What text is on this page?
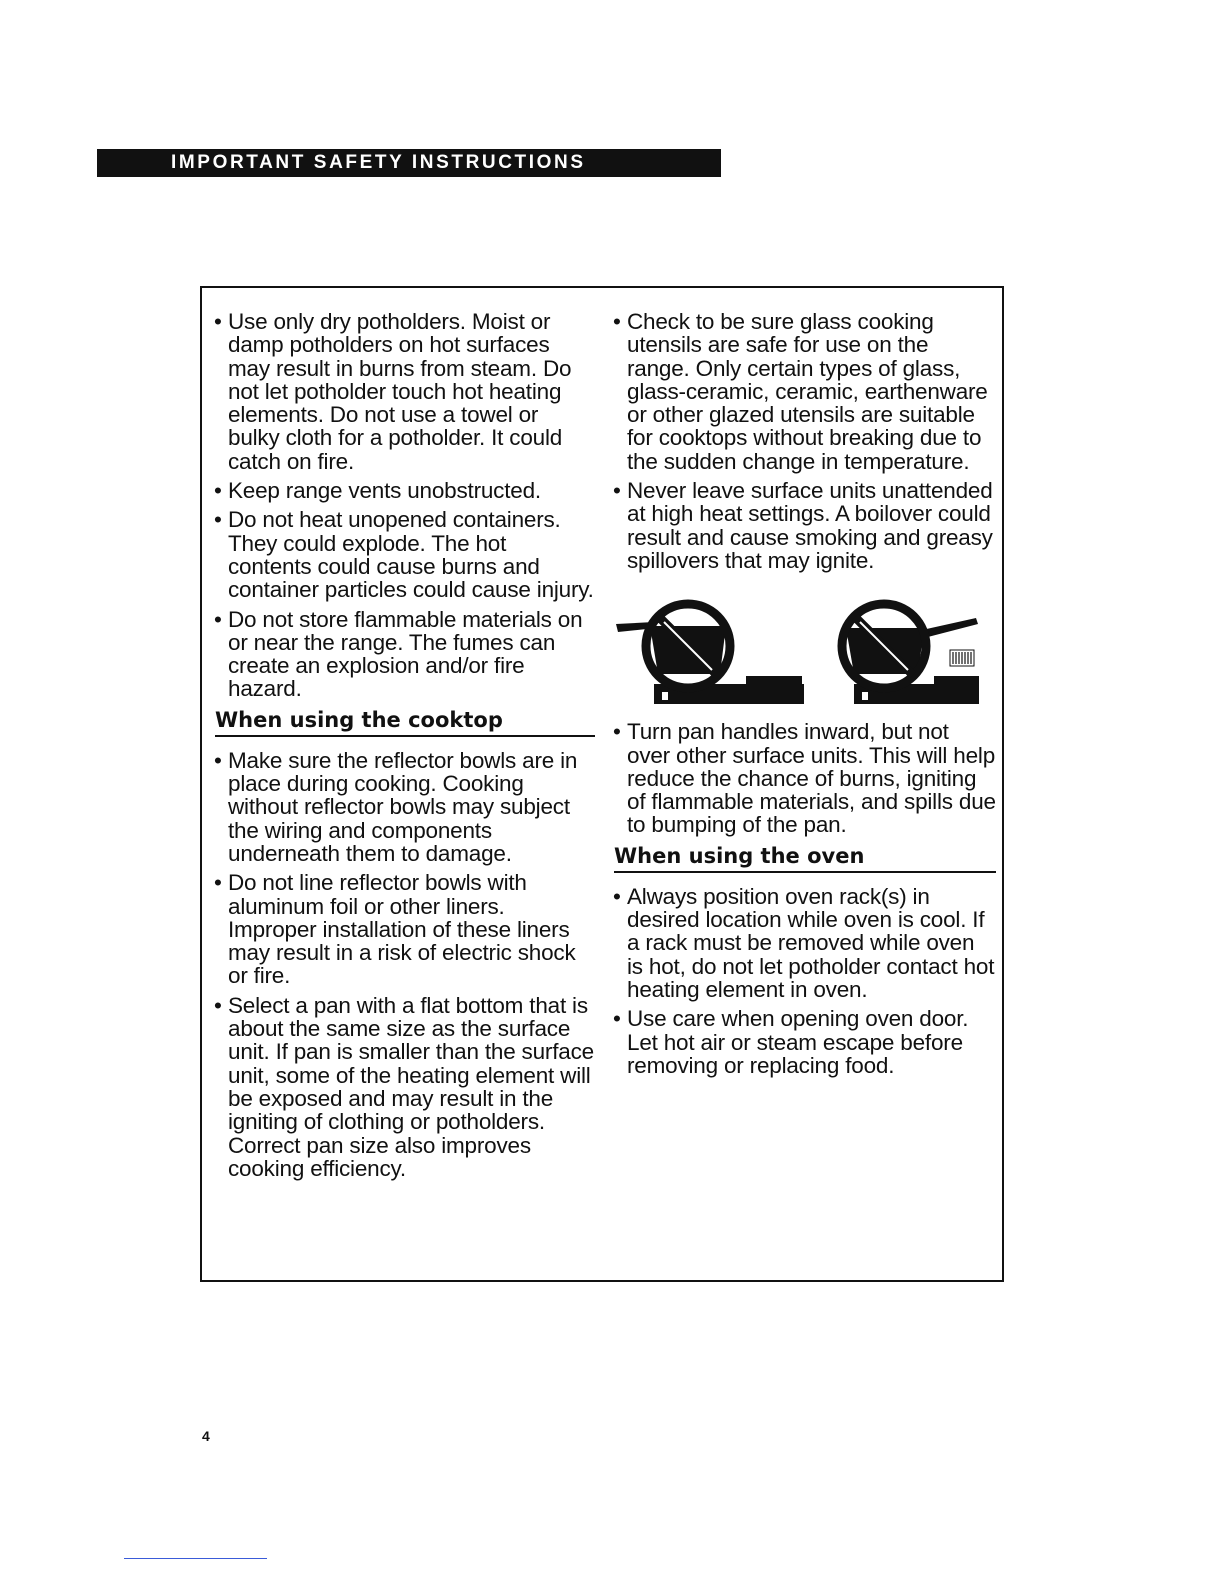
IMPORTANT SAFETY INSTRUCTIONS
• Use only dry potholders. Moist or damp potholders on hot surfaces may result in burns from steam. Do not let potholder touch hot heating elements. Do not use a towel or bulky cloth for a potholder. It could catch on fire.
• Keep range vents unobstructed.
• Do not heat unopened containers. They could explode. The hot contents could cause burns and container particles could cause injury.
• Do not store flammable materials on or near the range. The fumes can create an explosion and/or fire hazard.
When using the cooktop
• Make sure the reflector bowls are in place during cooking. Cooking without reflector bowls may subject the wiring and components underneath them to damage.
• Do not line reflector bowls with aluminum foil or other liners. Improper installation of these liners may result in a risk of electric shock or fire.
• Select a pan with a flat bottom that is about the same size as the surface unit. If pan is smaller than the surface unit, some of the heating element will be exposed and may result in the igniting of clothing or potholders. Correct pan size also improves cooking efficiency.
• Check to be sure glass cooking utensils are safe for use on the range. Only certain types of glass, glass-ceramic, ceramic, earthenware or other glazed utensils are suitable for cooktops without breaking due to the sudden change in temperature.
• Never leave surface units unattended at high heat settings. A boilover could result and cause smoking and greasy spillovers that may ignite.
• Turn pan handles inward, but not over other surface units. This will help reduce the chance of burns, igniting of flammable materials, and spills due to bumping of the pan.
When using the oven
• Always position oven rack(s) in desired location while oven is cool. If a rack must be removed while oven is hot, do not let potholder contact hot heating element in oven.
• Use care when opening oven door. Let hot air or steam escape before removing or replacing food.
4
